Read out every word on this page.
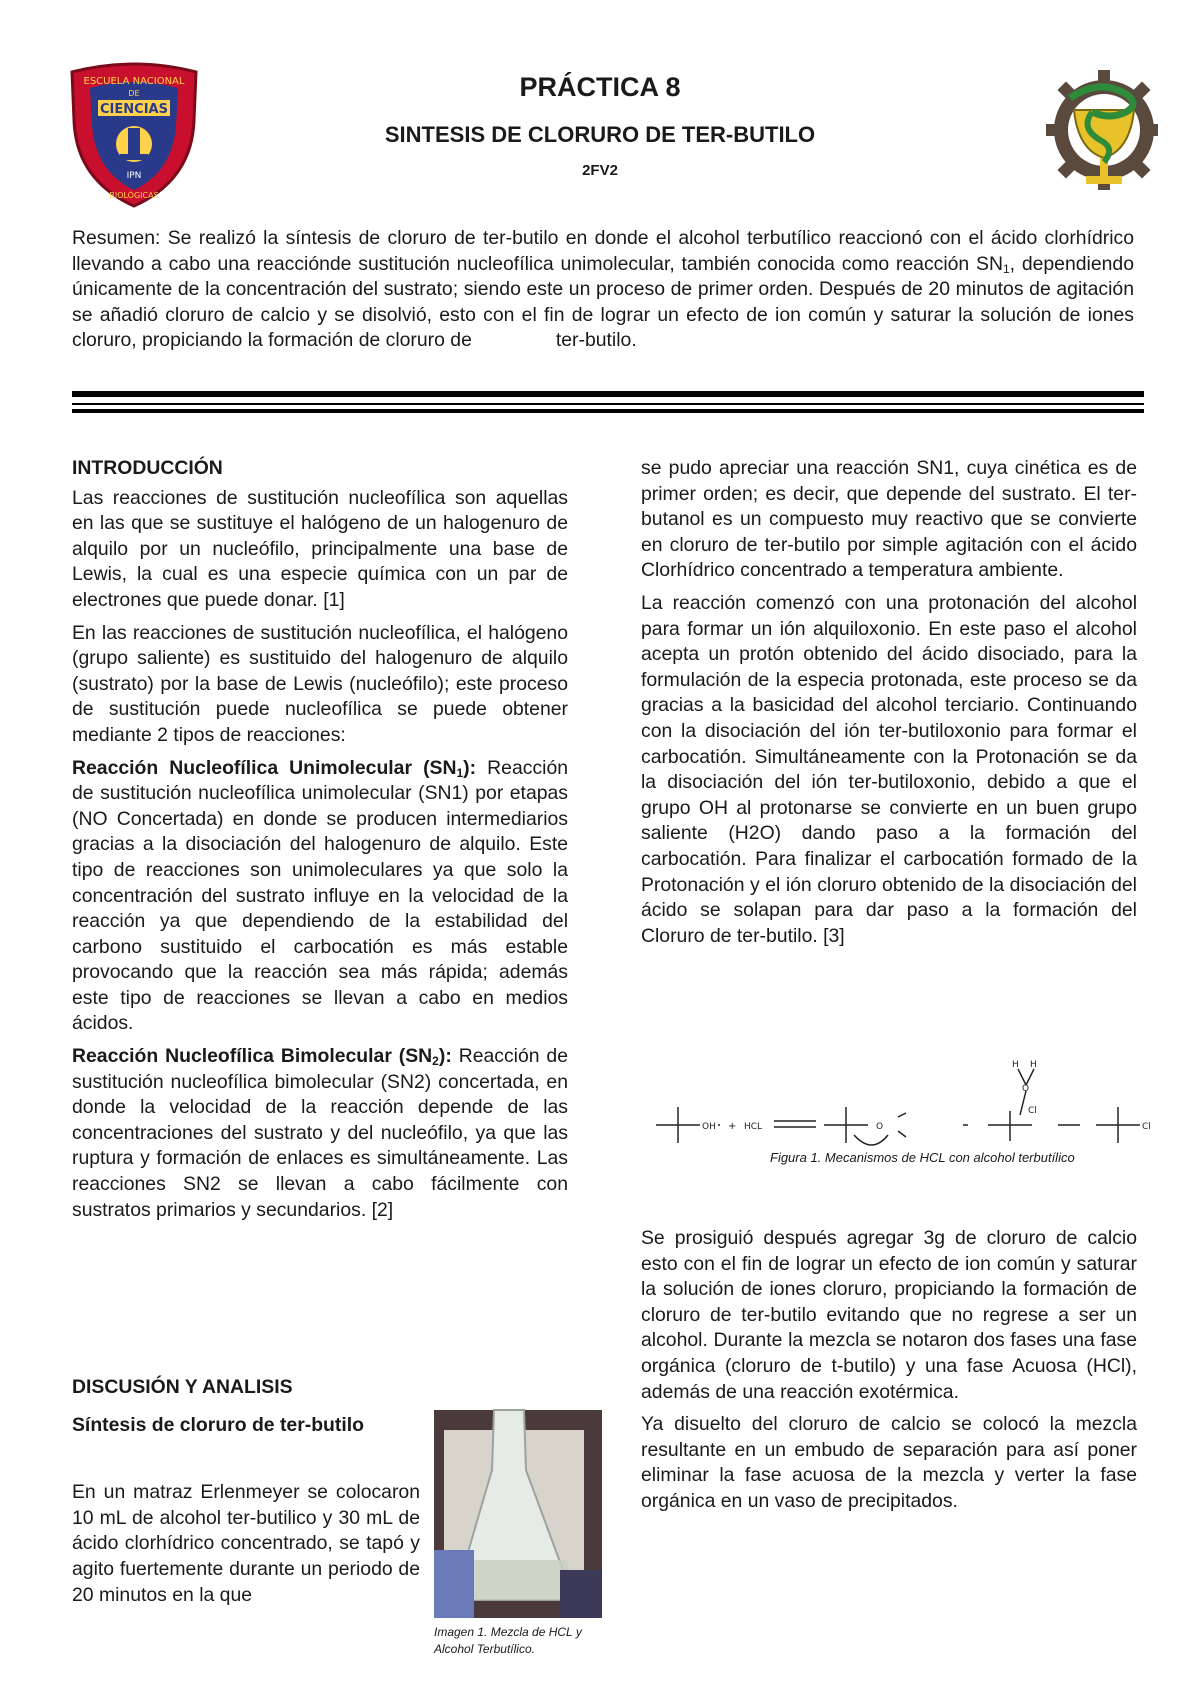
ESCUELA NACIONAL
DE
CIENCIAS
IPN
BIOLÓGICAS
PRÁCTICA 8
SINTESIS DE CLORURO DE TER-BUTILO
2FV2

Resumen: Se realizó la síntesis de cloruro de ter-butilo en donde el alcohol terbutílico reaccionó con el ácido clorhídrico llevando a cabo una reacciónde sustitución nucleofílica unimolecular, también conocida como reacción $SN_1$, dependiendo únicamente de la concentración del sustrato; siendo este un proceso de primer orden. Después de 20 minutos de agitación se añadió cloruro de calcio y se disolvió, esto con el fin de lograr un efecto de ion común y saturar la solución de iones cloruro, propiciando la formación de cloruro de	ter-butilo.

INTRODUCCIÓN

Las reacciones de sustitución nucleofílica son aquellas en las que se sustituye el halógeno de un halogenuro de alquilo por un nucleófilo, principalmente una base de Lewis, la cual es una especie química con un par de electrones que puede donar. [1]

En las reacciones de sustitución nucleofílica, el halógeno (grupo saliente) es sustituido del halogenuro de alquilo (sustrato) por la base de Lewis (nucleófilo); este proceso de sustitución puede nucleofílica se puede obtener mediante 2 tipos de reacciones:

Reacción Nucleofílica Unimolecular $(SN_1)$: Reacción de sustitución nucleofílica unimolecular (SN1) por etapas (NO Concertada) en donde se producen intermediarios gracias a la disociación del halogenuro de alquilo. Este tipo de reacciones son unimoleculares ya que solo la concentración del sustrato influye en la velocidad de la reacción ya que dependiendo de la estabilidad del carbono sustituido el carbocatión es más estable provocando que la reacción sea más rápida; además este tipo de reacciones se llevan a cabo en medios ácidos.

Reacción Nucleofílica Bimolecular $(SN_2)$: Reacción de sustitución nucleofílica bimolecular (SN2) concertada, en donde la velocidad de la reacción depende de las concentraciones del sustrato y del nucleófilo, ya que las ruptura y formación de enlaces es simultáneamente. Las reacciones SN2 se llevan a cabo fácilmente con sustratos primarios y secundarios. [2]

DISCUSIÓN Y ANALISIS
Síntesis de cloruro de ter-butilo

En un matraz Erlenmeyer se colocaron 10 mL de alcohol ter-butilico y 30 mL de ácido clorhídrico concentrado, se tapó y agito fuertemente durante un periodo de 20 minutos en la que

Imagen 1. Mezcla de HCL y Alcohol Terbutílico.

se pudo apreciar una reacción SN1, cuya cinética es de primer orden; es decir, que depende del sustrato. El ter-butanol es un compuesto muy reactivo que se convierte en cloruro de ter-butilo por simple agitación con el ácido Clorhídrico concentrado a temperatura ambiente.

La reacción comenzó con una protonación del alcohol para formar un ión alquiloxonio. En este paso el alcohol acepta un protón obtenido del ácido disociado, para la formulación de la especia protonada, este proceso se da gracias a la basicidad del alcohol terciario. Continuando con la disociación del ión ter-butiloxonio para formar el carbocatión. Simultáneamente con la Protonación se da la disociación del ión ter-butiloxonio, debido a que el grupo OH al protonarse se convierte en un buen grupo saliente (H2O) dando paso a la formación del carbocatión. Para finalizar el carbocatión formado de la Protonación y el ión cloruro obtenido de la disociación del ácido se solapan para dar paso a la formación del Cloruro de ter-butilo. [3]

OH + HCL	O
H H
O
Cl
Cl
Figura 1. Mecanismos de HCL con alcohol terbutílico

Se prosiguió después agregar 3g de cloruro de calcio esto con el fin de lograr un efecto de ion común y saturar la solución de iones cloruro, propiciando la formación de cloruro de ter-butilo evitando que no regrese a ser un alcohol. Durante la mezcla se notaron dos fases una fase orgánica (cloruro de t-butilo) y una fase Acuosa (HCl), además de una reacción exotérmica.

Ya disuelto del cloruro de calcio se colocó la mezcla resultante en un embudo de separación para así poner eliminar la fase acuosa de la mezcla y verter la fase orgánica en un vaso de precipitados.
